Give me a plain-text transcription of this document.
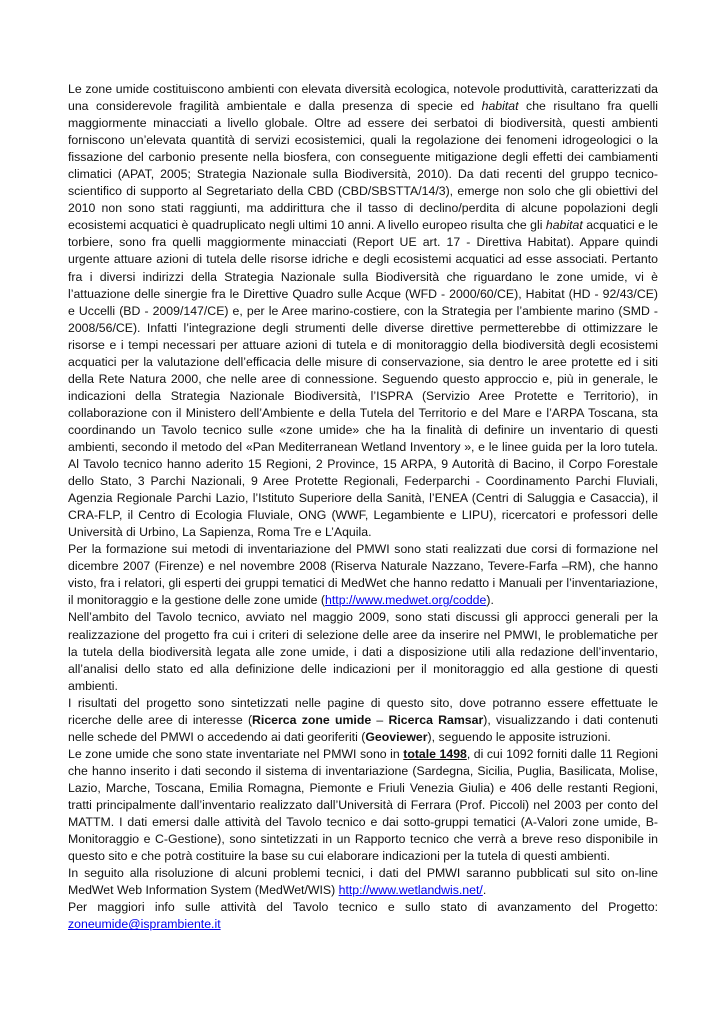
Le zone umide costituiscono ambienti con elevata diversità ecologica, notevole produttività, caratterizzati da una considerevole fragilità ambientale e dalla presenza di specie ed habitat che risultano fra quelli maggiormente minacciati a livello globale. Oltre ad essere dei serbatoi di biodiversità, questi ambienti forniscono un’elevata quantità di servizi ecosistemici, quali la regolazione dei fenomeni idrogeologici o la fissazione del carbonio presente nella biosfera, con conseguente mitigazione degli effetti dei cambiamenti climatici (APAT, 2005; Strategia Nazionale sulla Biodiversità, 2010). Da dati recenti del gruppo tecnico-scientifico di supporto al Segretariato della CBD (CBD/SBSTTA/14/3), emerge non solo che gli obiettivi del 2010 non sono stati raggiunti, ma addirittura che il tasso di declino/perdita di alcune popolazioni degli ecosistemi acquatici è quadruplicato negli ultimi 10 anni. A livello europeo risulta che gli habitat acquatici e le torbiere, sono fra quelli maggiormente minacciati (Report UE art. 17 - Direttiva Habitat). Appare quindi urgente attuare azioni di tutela delle risorse idriche e degli ecosistemi acquatici ad esse associati. Pertanto fra i diversi indirizzi della Strategia Nazionale sulla Biodiversità che riguardano le zone umide, vi è l’attuazione delle sinergie fra le Direttive Quadro sulle Acque (WFD - 2000/60/CE), Habitat (HD - 92/43/CE) e Uccelli (BD - 2009/147/CE) e, per le Aree marino-costiere, con la Strategia per l’ambiente marino (SMD - 2008/56/CE). Infatti l’integrazione degli strumenti delle diverse direttive permetterebbe di ottimizzare le risorse e i tempi necessari per attuare azioni di tutela e di monitoraggio della biodiversità degli ecosistemi acquatici per la valutazione dell’efficacia delle misure di conservazione, sia dentro le aree protette ed i siti della Rete Natura 2000, che nelle aree di connessione. Seguendo questo approccio e, più in generale, le indicazioni della Strategia Nazionale Biodiversità, l’ISPRA (Servizio Aree Protette e Territorio), in collaborazione con il Ministero dell’Ambiente e della Tutela del Territorio e del Mare e l’ARPA Toscana, sta coordinando un Tavolo tecnico sulle «zone umide» che ha la finalità di definire un inventario di questi ambienti, secondo il metodo del «Pan Mediterranean Wetland Inventory », e le linee guida per la loro tutela. Al Tavolo tecnico hanno aderito 15 Regioni, 2 Province, 15 ARPA, 9 Autorità di Bacino, il Corpo Forestale dello Stato, 3 Parchi Nazionali, 9 Aree Protette Regionali, Federparchi - Coordinamento Parchi Fluviali, Agenzia Regionale Parchi Lazio, l’Istituto Superiore della Sanità, l’ENEA (Centri di Saluggia e Casaccia), il CRA-FLP, il Centro di Ecologia Fluviale, ONG (WWF, Legambiente e LIPU), ricercatori e professori delle Università di Urbino, La Sapienza, Roma Tre e L’Aquila.

Per la formazione sui metodi di inventariazione del PMWI sono stati realizzati due corsi di formazione nel dicembre 2007 (Firenze) e nel novembre 2008 (Riserva Naturale Nazzano, Tevere-Farfa –RM), che hanno visto, fra i relatori, gli esperti dei gruppi tematici di MedWet che hanno redatto i Manuali per l’inventariazione, il monitoraggio e la gestione delle zone umide (http://www.medwet.org/codde).

Nell’ambito del Tavolo tecnico, avviato nel maggio 2009, sono stati discussi gli approcci generali per la realizzazione del progetto fra cui i criteri di selezione delle aree da inserire nel PMWI, le problematiche per la tutela della biodiversità legata alle zone umide, i dati a disposizione utili alla redazione dell’inventario, all’analisi dello stato ed alla definizione delle indicazioni per il monitoraggio ed alla gestione di questi ambienti.

I risultati del progetto sono sintetizzati nelle pagine di questo sito, dove potranno essere effettuate le ricerche delle aree di interesse (Ricerca zone umide – Ricerca Ramsar), visualizzando i dati contenuti nelle schede del PMWI o accedendo ai dati georiferiti (Geoviewer), seguendo le apposite istruzioni.

Le zone umide che sono state inventariate nel PMWI sono in totale 1498, di cui 1092 forniti dalle 11 Regioni che hanno inserito i dati secondo il sistema di inventariazione (Sardegna, Sicilia, Puglia, Basilicata, Molise, Lazio, Marche, Toscana, Emilia Romagna, Piemonte e Friuli Venezia Giulia) e 406 delle restanti Regioni, tratti principalmente dall’inventario realizzato dall’Università di Ferrara (Prof. Piccoli) nel 2003 per conto del MATTM. I dati emersi dalle attività del Tavolo tecnico e dai sotto-gruppi tematici (A-Valori zone umide, B-Monitoraggio e C-Gestione), sono sintetizzati in un Rapporto tecnico che verrà a breve reso disponibile in questo sito e che potrà costituire la base su cui elaborare indicazioni per la tutela di questi ambienti.

In seguito alla risoluzione di alcuni problemi tecnici, i dati del PMWI saranno pubblicati sul sito on-line MedWet Web Information System (MedWet/WIS) http://www.wetlandwis.net/.

Per maggiori info sulle attività del Tavolo tecnico e sullo stato di avanzamento del Progetto: zoneumide@isprambiente.it
